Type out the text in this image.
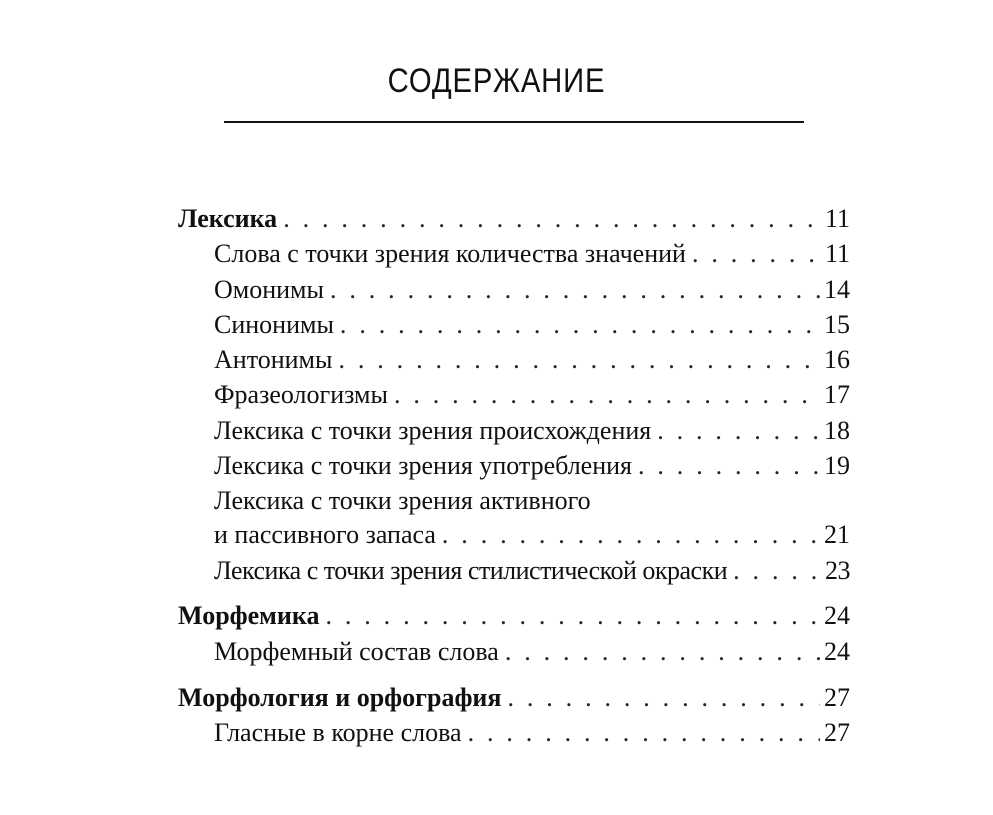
СОДЕРЖАНИЕ
Лексика . . .	11
Слова с точки зрения количества значений . . .	11
Омонимы . . .	14
Синонимы . . .	15
Антонимы . . .	16
Фразеологизмы . . .	17
Лексика с точки зрения происхождения . . .	18
Лексика с точки зрения употребления . . .	19
Лексика с точки зрения активного
и пассивного запаса . . .	21
Лексика с точки зрения стилистической окраски . . .	23
Морфемика . . .	24
Морфемный состав слова . . .	24
Морфология и орфография . . .	27
Гласные в корне слова . . .	27
